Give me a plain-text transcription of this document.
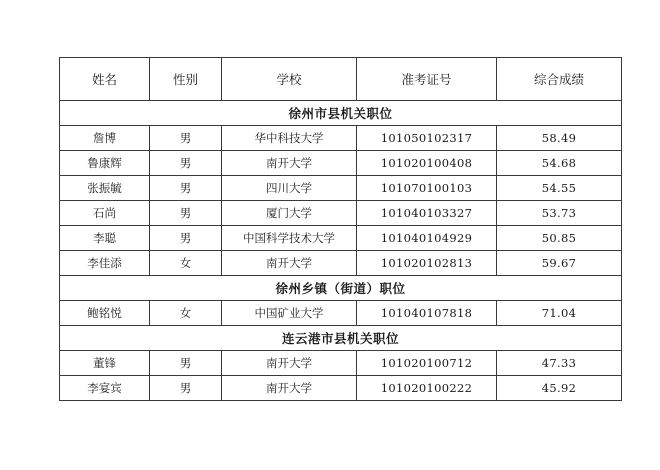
姓名	性别	学校	准考证号	综合成绩
徐州市县机关职位				
詹博	男	华中科技大学	101050102317	58.49
鲁康辉	男	南开大学	101020100408	54.68
张振毓	男	四川大学	101070100103	54.55
石尚	男	厦门大学	101040103327	53.73
李聪	男	中国科学技术大学	101040104929	50.85
李佳添	女	南开大学	101020102813	59.67
徐州乡镇（街道）职位				
鲍铭悦	女	中国矿业大学	101040107818	71.04
连云港市县机关职位				
董锋	男	南开大学	101020100712	47.33
李宴宾	男	南开大学	101020100222	45.92
